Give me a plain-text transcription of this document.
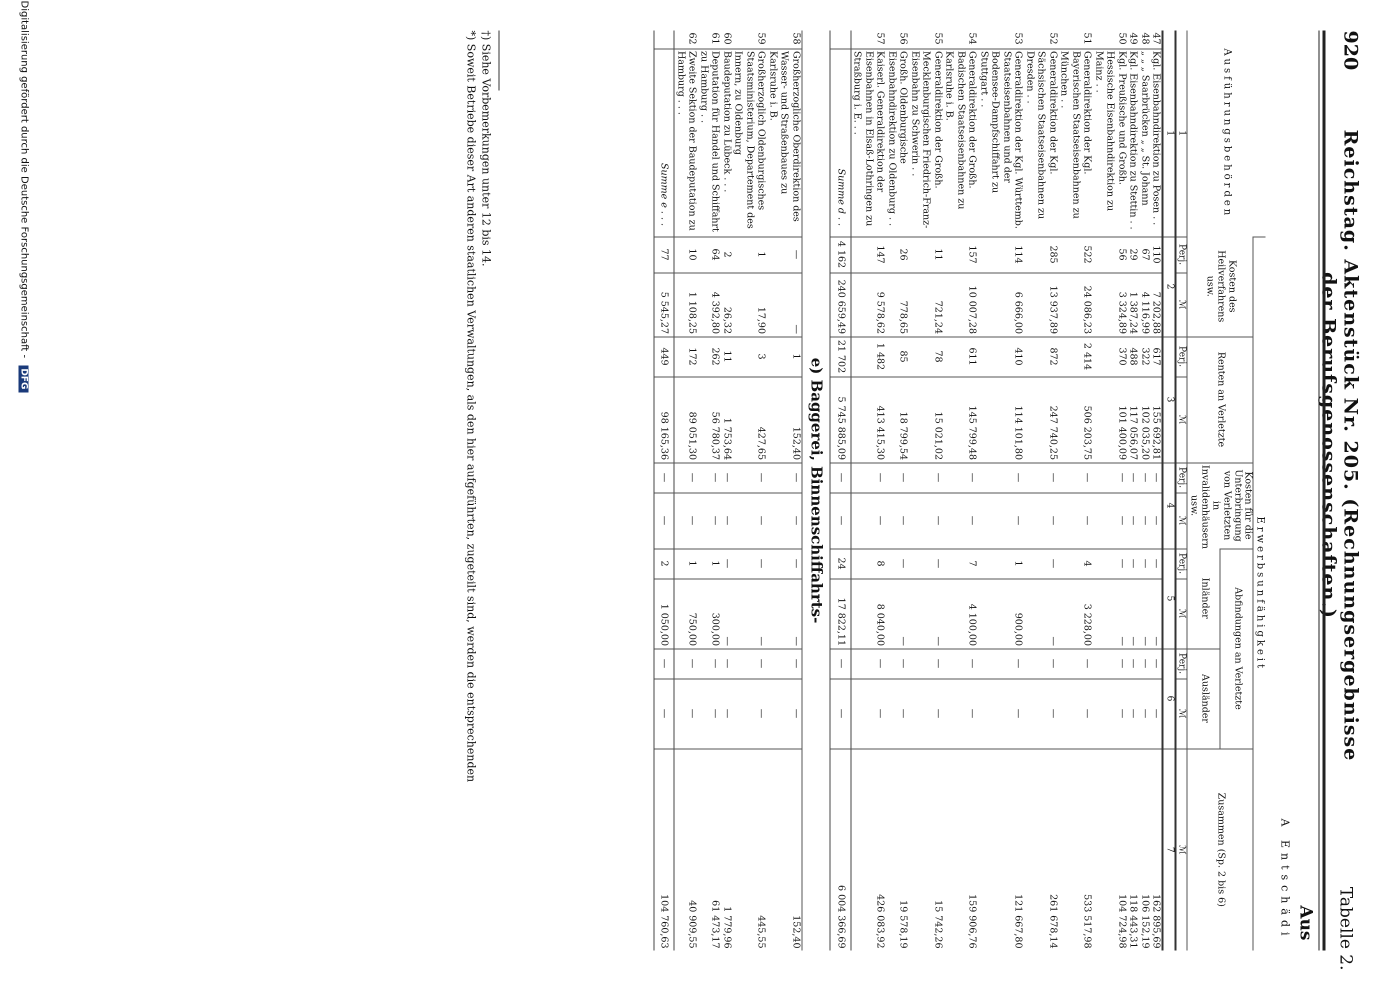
920
Reichstag. Aktenstück Nr. 205. (Rechnungsergebnisse der Berufsgenossenschaften.)
Tabelle 2.
Aus
A Entschädi
Ausführungsbehörden		Erwerbsunfähigkeit										
		Kosten des Heilverfahrens usw.		Renten an Verletzte		Kosten für die Unterbringung von Verletzten in Invalidenhäusern usw.		Abfindungen an Verletzte				Zusammen (Sp. 2 bis 6)
								Inländer		Ausländer		
1		Perj.	ℳ	Perj.	ℳ	Perj.	ℳ	Perj.	ℳ	Perj.	ℳ	ℳ
1		2		3		4		5		6		7
47	Kgl. Eisenbahndirektion zu Posen . .	110	7 202,88	617	155 692,81	—	—	—	—	—	—	162 895,69
48	„ „ „ Saarbrücken „ „ St. Johann	67	4 116,99	322	102 035,20	—	—	—	—	—	—	106 152,19
49	Kgl. Eisenbahndirektion zu Stettin . .	29	1 387,24	488	117 056,07	—	—	—	—	—	—	118 443,31
50	Kgl. Preußische und Großh. Hessische Eisenbahndirektion zu Mainz . .	56	3 324,89	370	101 400,09	—	—	—	—	—	—	104 724,98
51	Generaldirektion der Kgl. Bayerischen Staatseisenbahnen zu München . .	522	24 086,23	2 414	506 203,75	—	—	4	3 228,00	—	—	533 517,98
52	Generaldirektion der Kgl. Sächsischen Staatseisenbahnen zu Dresden . .	285	13 937,89	872	247 740,25	—	—	—	—	—	—	261 678,14
53	Generaldirektion der Kgl. Württemb. Staatseisenbahnen und der Bodensee-Dampfschiffahrt zu Stuttgart . .	114	6 666,00	410	114 101,80	—	—	1	900,00	—	—	121 667,80
54	Generaldirektion der Großh. Badischen Staatseisenbahnen zu Karlsruhe i. B.	157	10 007,28	611	145 799,48	—	—	7	4 100,00	—	—	159 906,76
55	Generaldirektion der Großh. Mecklenburgischen Friedrich-Franz-Eisenbahn zu Schwerin . .	11	721,24	78	15 021,02	—	—	—	—	—	—	15 742,26
56	Großh. Oldenburgische Eisenbahndirektion zu Oldenburg . .	26	778,65	85	18 799,54	—	—	—	—	—	—	19 578,19
57	Kaiserl. Generaldirektion der Eisenbahnen in Elsaß-Lothringen zu Straßburg i. E. . .	147	9 578,62	1 482	413 415,30	—	—	8	8 040,00	—	—	426 083,92
	Summe d . .	4 162	240 659,49	21 702	5 745 885,09	—	—	24	17 822,11	—	—	6 004 366,69
e) Baggerei, Binnenschiffahrts-												
58	Großherzogliche Oberdirektion des Wasser- und Straßenbaues zu Karlsruhe i. B.	—	—	1	152,40	—	—	—	—	—	—	152,40
59	Großherzoglich Oldenburgisches Staatsministerium, Departement des Innern, zu Oldenburg	1	17,90	3	427,65	—	—	—	—	—	—	445,55
60	Baudeputation zu Lübeck . . .	2	26,32	11	1 753,64	—	—	—	—	—	—	1 779,96
61	Deputation für Handel und Schiffahrt zu Hamburg . .	64	4 392,80	262	56 780,37	—	—	1	300,00	—	—	61 473,17
62	Zweite Sektion der Baudeputation zu Hamburg . . .	10	1 108,25	172	89 051,30	—	—	1	750,00	—	—	40 909,55
	Summe e . . .	77	5 545,27	449	98 165,36	—	—	2	1 050,00	—	—	104 760,63
†) Siehe Vorbemerkungen unter 12 bis 14.
*) Soweit Betriebe dieser Art anderen staatlichen Verwaltungen, als den hier aufgeführten, zugeteilt sind, werden die entsprechenden
Digitalisierung gefördert durch die Deutsche Forschungsgemeinschaft - DFG
